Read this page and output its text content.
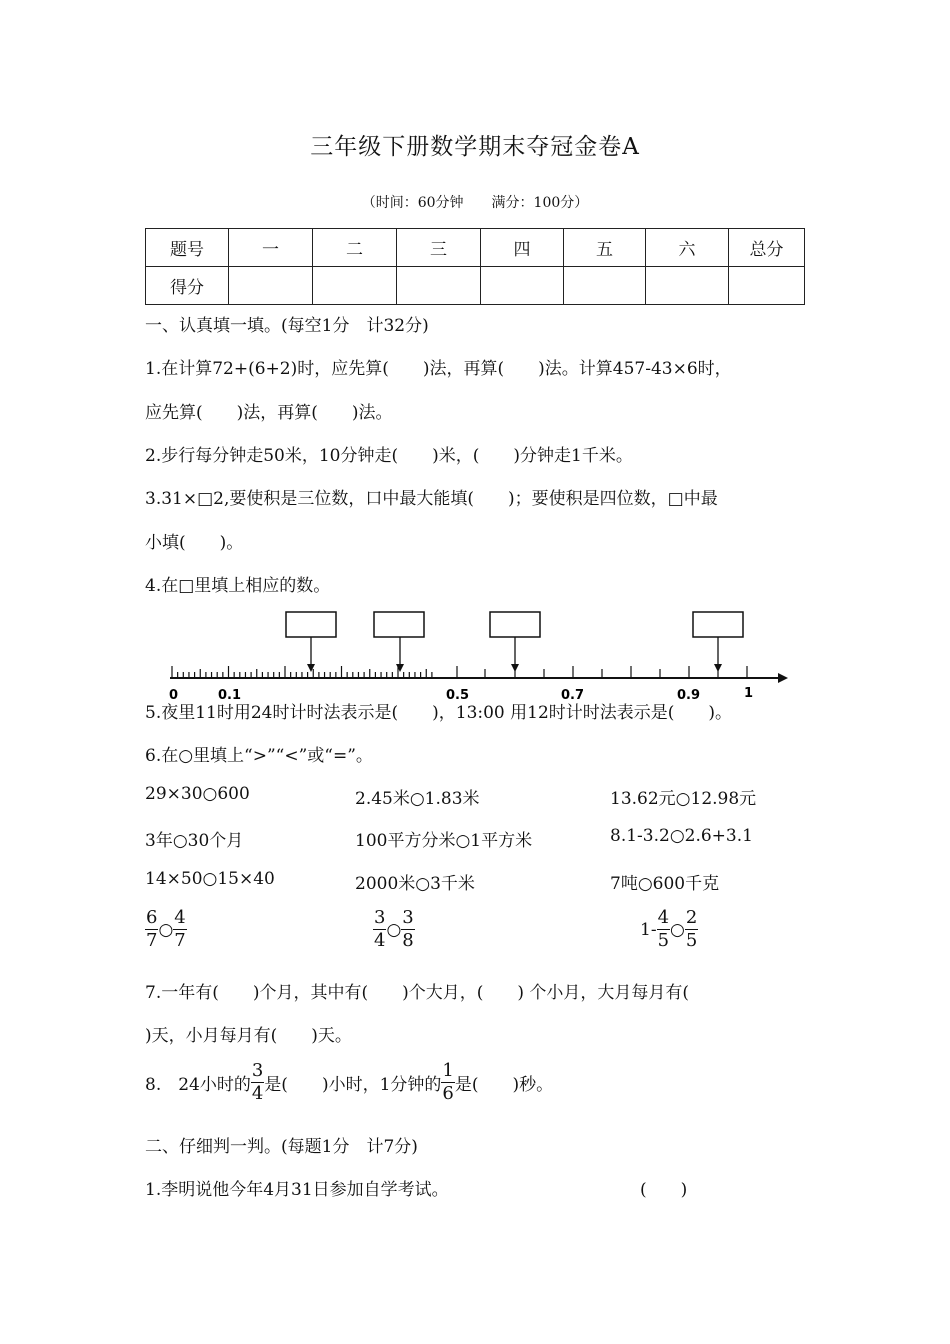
三年级下册数学期末夺冠金卷A
（时间：60分钟　　满分：100分）
题号	一	二	三	四	五	六	总分
得分							
一、认真填一填。(每空1分　计32分)
1.在计算72+(6+2)时，应先算(　　)法，再算(　　)法。计算457-43×6时，
应先算(　　)法，再算(　　)法。
2.步行每分钟走50米，10分钟走(　　)米，(　　)分钟走1千米。
3.31×□2,要使积是三位数，口中最大能填(　　)；要使积是四位数，□中最
小填(　　)。
4.在□里填上相应的数。
0	0.1	0.5	0.7	0.9	1
5.夜里11时用24时计时法表示是(　　)，13:00 用12时计时法表示是(　　)。
6.在○里填上“>”“<”或“=”。
29×30○600	2.45米○1.83米	13.62元○12.98元
3年○30个月	100平方分米○1平方米	8.1-3.2○2.6+3.1
14×50○15×40	2000米○3千米	7吨○600千克
$\frac{6}{7}$ ○ $\frac{4}{7}$	$\frac{3}{4}$ ○ $\frac{3}{8}$	$1- \frac{4}{5}$ ○ $\frac{2}{5}$
7.一年有(　　)个月，其中有(　　)个大月，(　　) 个小月，大月每月有(
)天，小月每月有(　　)天。
8.　24小时的 $\frac{3}{4}$ 是(　　)小时，1分钟的 $\frac{1}{6}$ 是(　　)秒。
二、仔细判一判。(每题1分　计7分)
1.李明说他今年4月31日参加自学考试。	(　　)
